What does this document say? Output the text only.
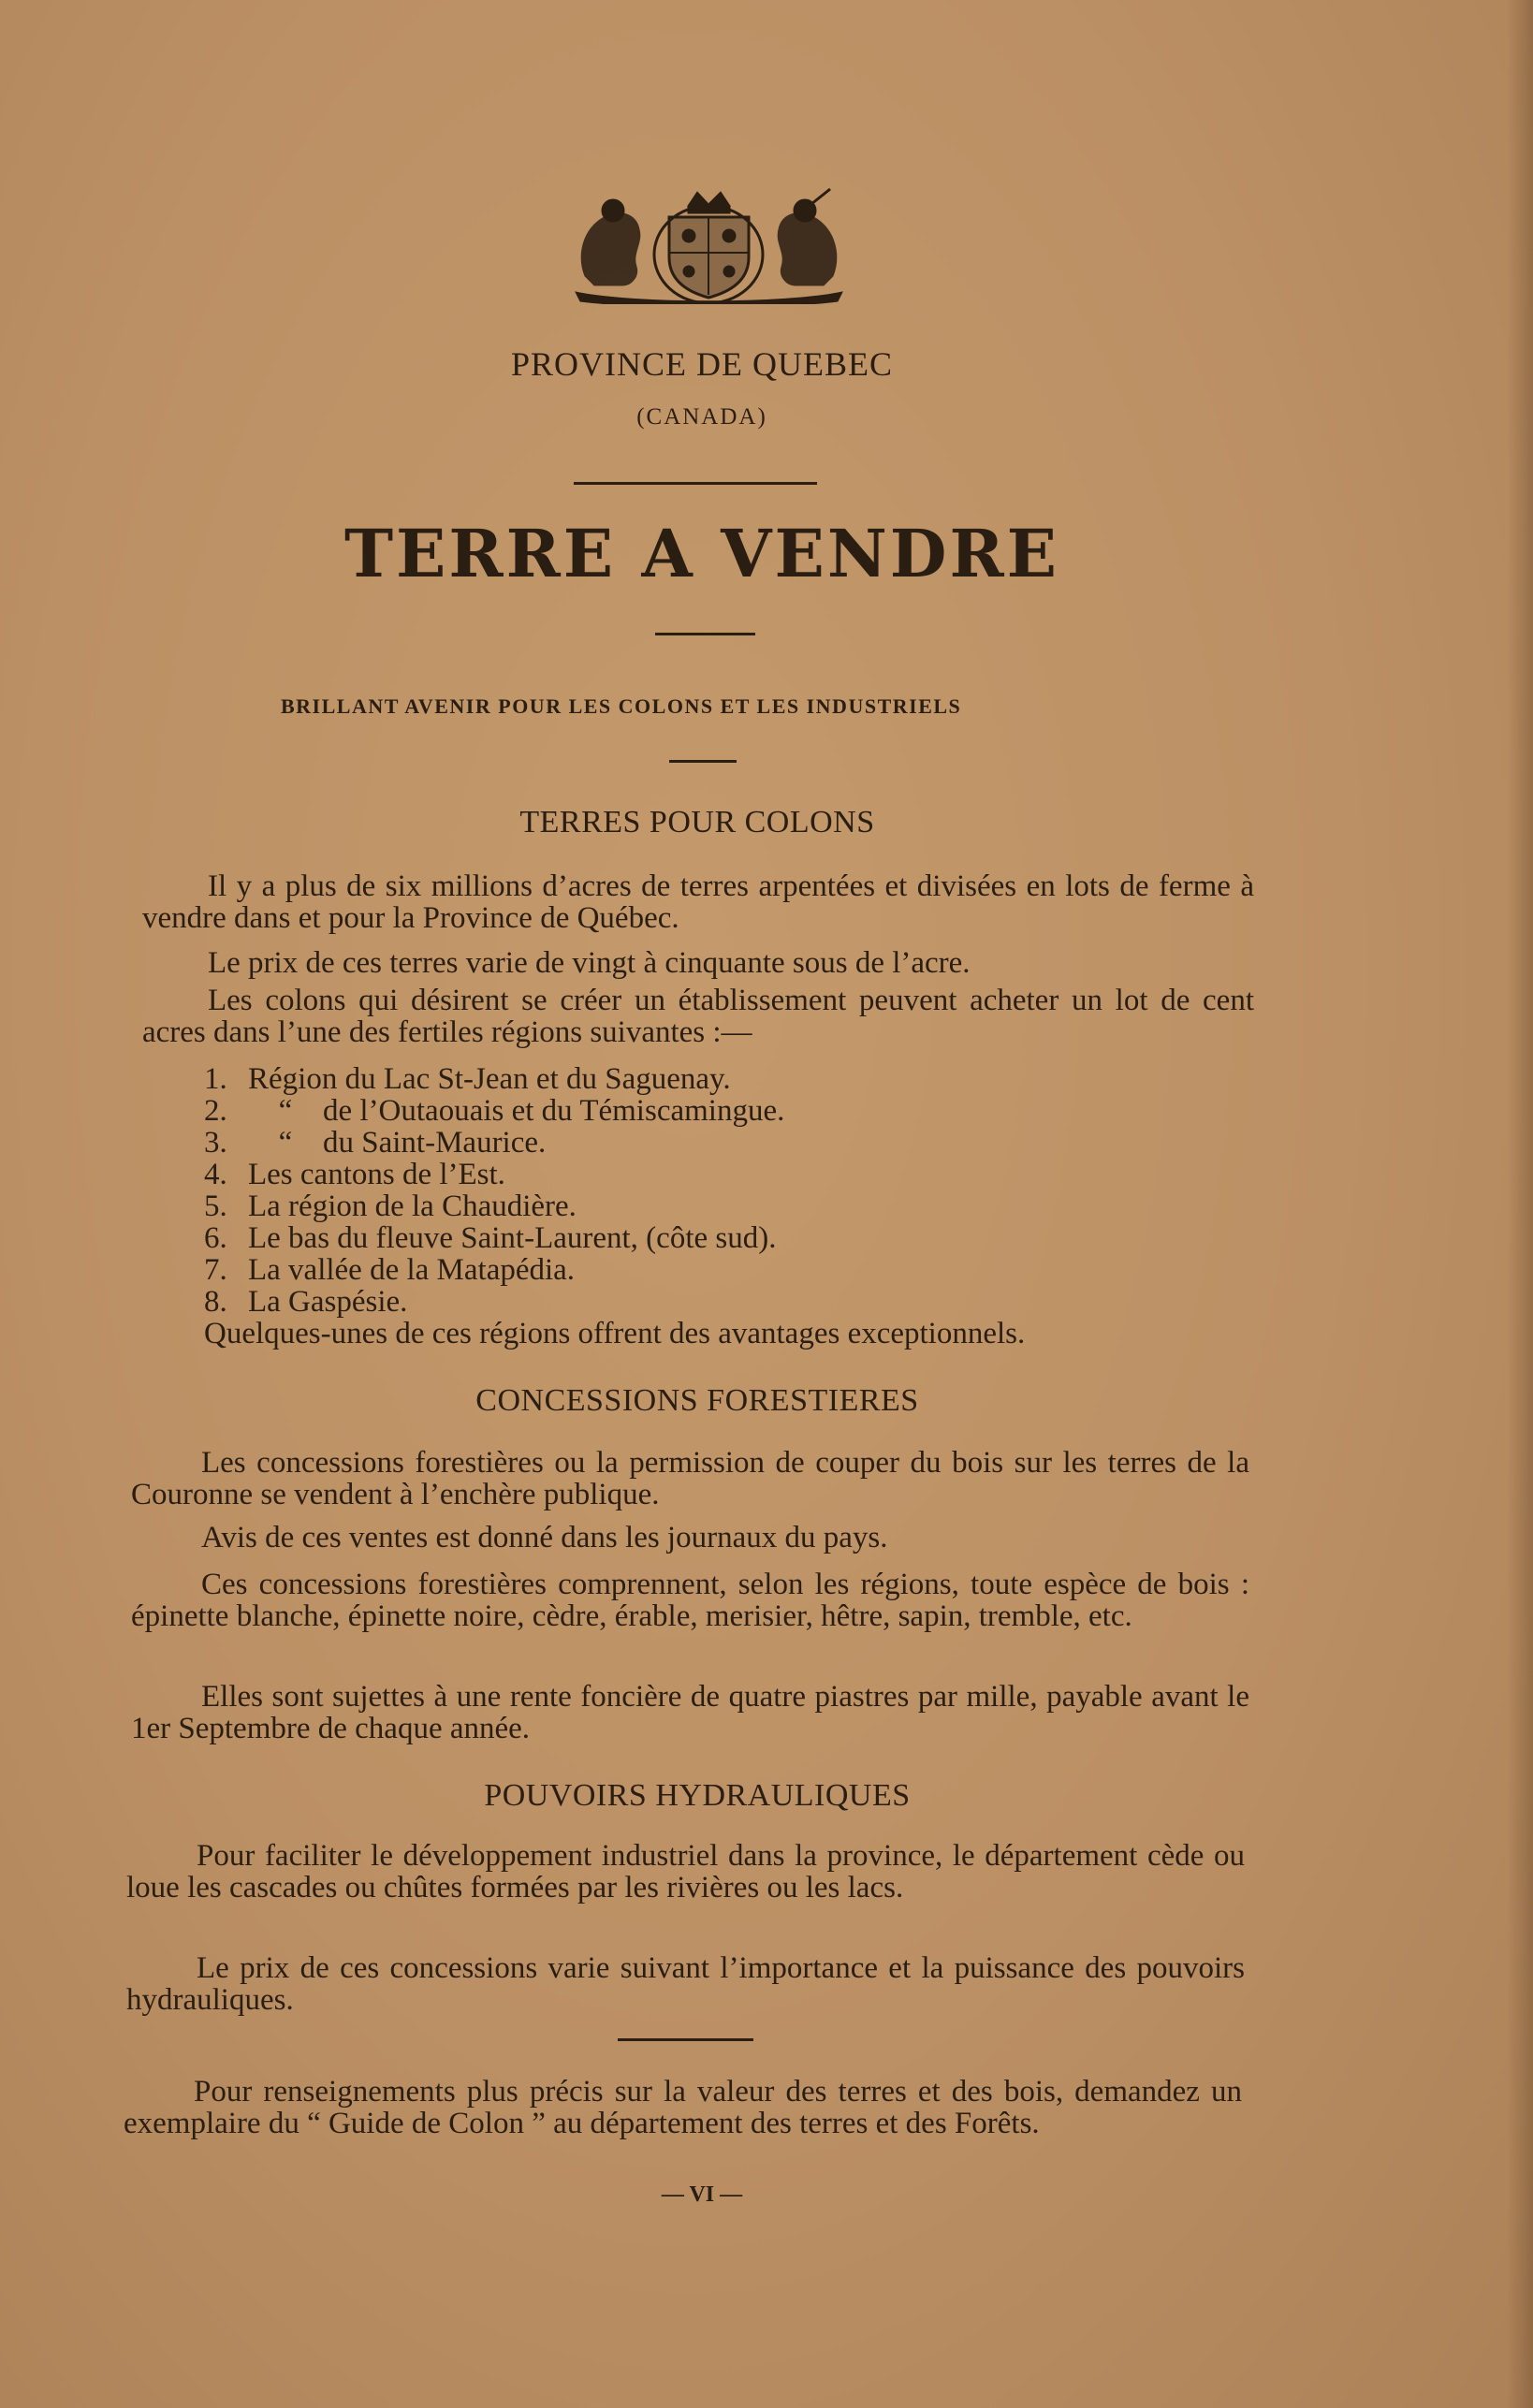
PROVINCE DE QUEBEC
(CANADA)
TERRE A VENDRE
BRILLANT AVENIR POUR LES COLONS ET LES INDUSTRIELS
TERRES POUR COLONS
Il y a plus de six millions d’acres de terres arpentées et divisées en lots de ferme à vendre dans et pour la Province de Québec.
Le prix de ces terres varie de vingt à cinquante sous de l’acre.
Les colons qui désirent se créer un établissement peuvent acheter un lot de cent acres dans l’une des fertiles régions suivantes :—
1. Région du Lac St-Jean et du Saguenay.
2. “ de l’Outaouais et du Témiscamingue.
3. “ du Saint-Maurice.
4. Les cantons de l’Est.
5. La région de la Chaudière.
6. Le bas du fleuve Saint-Laurent, (côte sud).
7. La vallée de la Matapédia.
8. La Gaspésie.
Quelques-unes de ces régions offrent des avantages exceptionnels.
CONCESSIONS FORESTIERES
Les concessions forestières ou la permission de couper du bois sur les terres de la Couronne se vendent à l’enchère publique.
Avis de ces ventes est donné dans les journaux du pays.
Ces concessions forestières comprennent, selon les régions, toute espèce de bois : épinette blanche, épinette noire, cèdre, érable, merisier, hêtre, sapin, tremble, etc.
Elles sont sujettes à une rente foncière de quatre piastres par mille, payable avant le 1er Septembre de chaque année.
POUVOIRS HYDRAULIQUES
Pour faciliter le développement industriel dans la province, le département cède ou loue les cascades ou chûtes formées par les rivières ou les lacs.
Le prix de ces concessions varie suivant l’importance et la puissance des pouvoirs hydrauliques.
Pour renseignements plus précis sur la valeur des terres et des bois, demandez un exemplaire du “ Guide de Colon ” au département des terres et des Forêts.
— VI —
